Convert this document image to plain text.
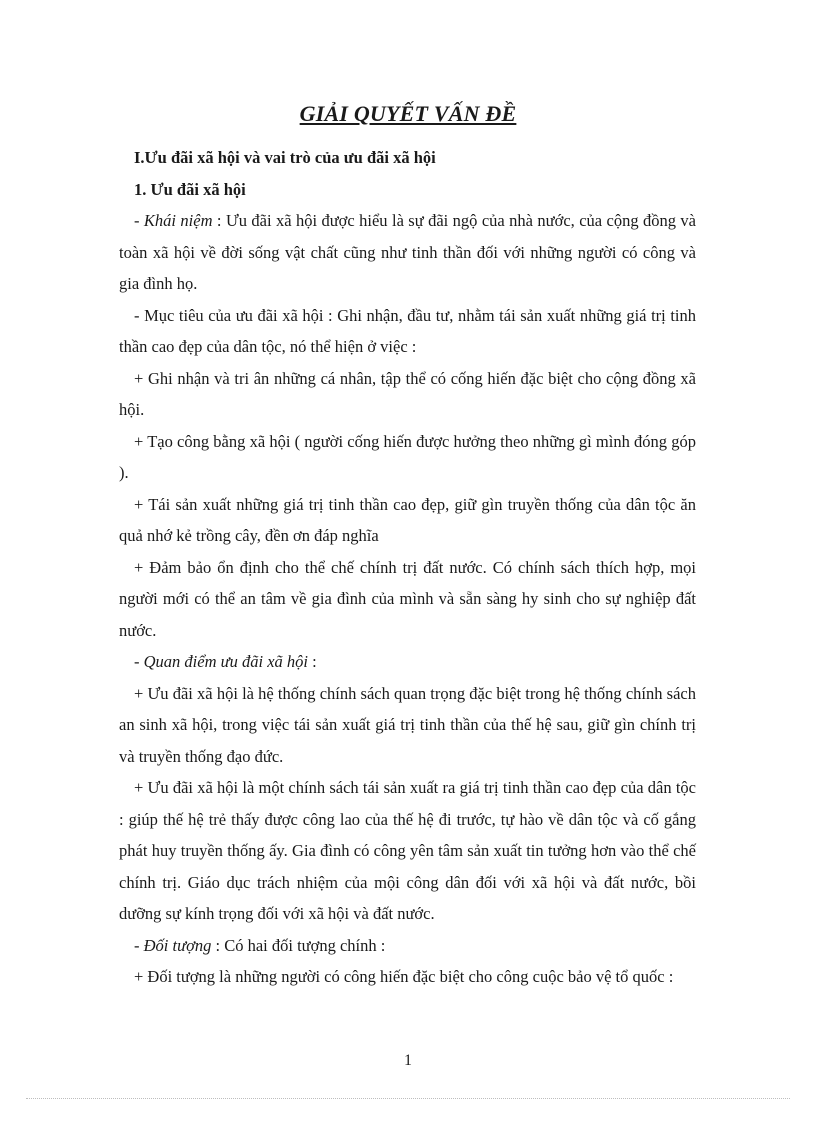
GIẢI QUYẾT VẤN ĐỀ

I.Ưu đãi xã hội và vai trò của ưu đãi xã hội

1. Ưu đãi xã hội

- Khái niệm : Ưu đãi xã hội được hiểu là sự đãi ngộ của nhà nước, của cộng đồng và toàn xã hội về đời sống vật chất cũng như tinh thần đối với những người có công và gia đình họ.

- Mục tiêu của ưu đãi xã hội : Ghi nhận, đầu tư, nhằm tái sản xuất những giá trị tinh thần cao đẹp của dân tộc, nó thể hiện ở việc :

+ Ghi nhận và tri ân những cá nhân, tập thể có cống hiến đặc biệt cho cộng đồng xã hội.

+ Tạo công bằng xã hội ( người cống hiến được hưởng theo những gì mình đóng góp ).

+ Tái sản xuất những giá trị tinh thần cao đẹp, giữ gìn truyền thống của dân tộc ăn quả nhớ kẻ trồng cây, đền ơn đáp nghĩa

+ Đảm bảo ổn định cho thể chế chính trị đất nước. Có chính sách thích hợp, mọi người mới có thể an tâm về gia đình của mình và sẵn sàng hy sinh cho sự nghiệp đất nước.

- Quan điểm ưu đãi xã hội :

+ Ưu đãi xã hội là hệ thống chính sách quan trọng đặc biệt trong hệ thống chính sách an sinh xã hội, trong việc tái sản xuất giá trị tinh thần của thế hệ sau, giữ gìn chính trị và truyền thống đạo đức.

+ Ưu đãi xã hội là một chính sách tái sản xuất ra giá trị tinh thần cao đẹp của dân tộc : giúp thế hệ trẻ thấy được công lao của thế hệ đi trước, tự hào về dân tộc và cố gắng phát huy truyền thống ấy. Gia đình có công yên tâm sản xuất tin tưởng hơn vào thể chế chính trị. Giáo dục trách nhiệm của mội công dân đối với xã hội và đất nước, bồi dưỡng sự kính trọng đối với xã hội và đất nước.

- Đối tượng : Có hai đối tượng chính :

+ Đối tượng là những người có công hiến đặc biệt cho công cuộc bảo vệ tổ quốc :

1
